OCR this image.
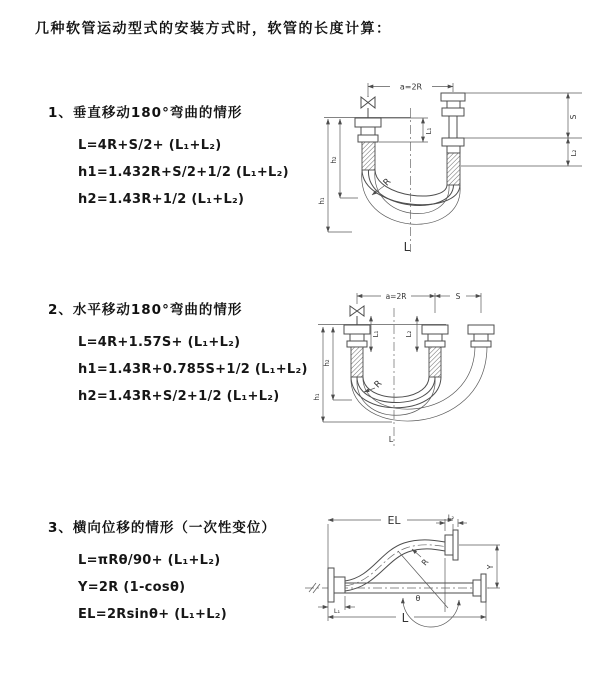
几种软管运动型式的安装方式时，软管的长度计算：
1、垂直移动180°弯曲的情形
L=4R+S/2+ (L₁+L₂)
h1=1.432R+S/2+1/2 (L₁+L₂)
h2=1.43R+1/2 (L₁+L₂)
2、水平移动180°弯曲的情形
L=4R+1.57S+ (L₁+L₂)
h1=1.43R+0.785S+1/2 (L₁+L₂)
h2=1.43R+S/2+1/2 (L₁+L₂)
3、横向位移的情形（一次性变位）
L=πRθ/90+ (L₁+L₂)
Y=2R (1-cosθ)
EL=2Rsinθ+ (L₁+L₂)
a=2R
h₂
h₁
S
L₂
L₁
R
L
a=2R	S
h₂
h₁
L₁	L₂
R
L
θ
EL	L₂
Y
R
L
L₁
